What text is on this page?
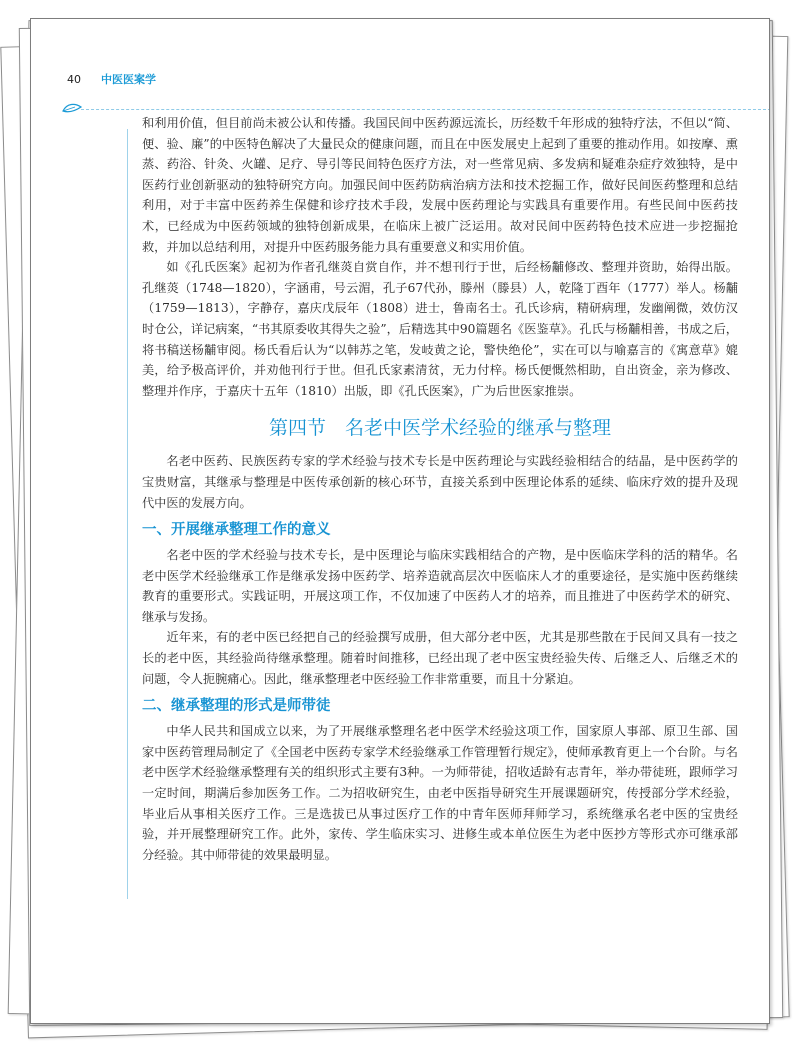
40 中医医案学

和利用价值，但目前尚未被公认和传播。我国民间中医药源远流长，历经数千年形成的独特疗法，不但以“简、便、验、廉”的中医特色解决了大量民众的健康问题，而且在中医发展史上起到了重要的推动作用。如按摩、熏蒸、药浴、针灸、火罐、足疗、导引等民间特色医疗方法，对一些常见病、多发病和疑难杂症疗效独特，是中医药行业创新驱动的独特研究方向。加强民间中医药防病治病方法和技术挖掘工作，做好民间医药整理和总结利用，对于丰富中医药养生保健和诊疗技术手段，发展中医药理论与实践具有重要作用。有些民间中医药技术，已经成为中医药领域的独特创新成果，在临床上被广泛运用。故对民间中医药特色技术应进一步挖掘抢救，并加以总结利用，对提升中医药服务能力具有重要意义和实用价值。

如《孔氏医案》起初为作者孔继菼自赏自作，并不想刊行于世，后经杨黼修改、整理并资助，始得出版。孔继菼（1748—1820），字涵甫，号云湄，孔子67代孙，滕州（滕县）人，乾隆丁酉年（1777）举人。杨黼（1759—1813），字静存，嘉庆戊辰年（1808）进士，鲁南名士。孔氏诊病，精研病理，发幽阐微，效仿汉时仓公，详记病案，“书其原委收其得失之验”，后精选其中90篇题名《医鉴草》。孔氏与杨黼相善，书成之后，将书稿送杨黼审阅。杨氏看后认为“以韩苏之笔，发岐黄之论，警快绝伦”，实在可以与喻嘉言的《寓意草》媲美，给予极高评价，并劝他刊行于世。但孔氏家素清贫，无力付梓。杨氏便慨然相助，自出资金，亲为修改、整理并作序，于嘉庆十五年（1810）出版，即《孔氏医案》，广为后世医家推崇。

第四节　名老中医学术经验的继承与整理

名老中医药、民族医药专家的学术经验与技术专长是中医药理论与实践经验相结合的结晶，是中医药学的宝贵财富，其继承与整理是中医传承创新的核心环节，直接关系到中医理论体系的延续、临床疗效的提升及现代中医的发展方向。

一、开展继承整理工作的意义

名老中医的学术经验与技术专长，是中医理论与临床实践相结合的产物，是中医临床学科的活的精华。名老中医学术经验继承工作是继承发扬中医药学、培养造就高层次中医临床人才的重要途径，是实施中医药继续教育的重要形式。实践证明，开展这项工作，不仅加速了中医药人才的培养，而且推进了中医药学术的研究、继承与发扬。

近年来，有的老中医已经把自己的经验撰写成册，但大部分老中医，尤其是那些散在于民间又具有一技之长的老中医，其经验尚待继承整理。随着时间推移，已经出现了老中医宝贵经验失传、后继乏人、后继乏术的问题，令人扼腕痛心。因此，继承整理老中医经验工作非常重要，而且十分紧迫。

二、继承整理的形式是师带徒

中华人民共和国成立以来，为了开展继承整理名老中医学术经验这项工作，国家原人事部、原卫生部、国家中医药管理局制定了《全国老中医药专家学术经验继承工作管理暂行规定》，使师承教育更上一个台阶。与名老中医学术经验继承整理有关的组织形式主要有3种。一为师带徒，招收适龄有志青年，举办带徒班，跟师学习一定时间，期满后参加医务工作。二为招收研究生，由老中医指导研究生开展课题研究，传授部分学术经验，毕业后从事相关医疗工作。三是选拔已从事过医疗工作的中青年医师拜师学习，系统继承名老中医的宝贵经验，并开展整理研究工作。此外，家传、学生临床实习、进修生或本单位医生为老中医抄方等形式亦可继承部分经验。其中师带徒的效果最明显。
